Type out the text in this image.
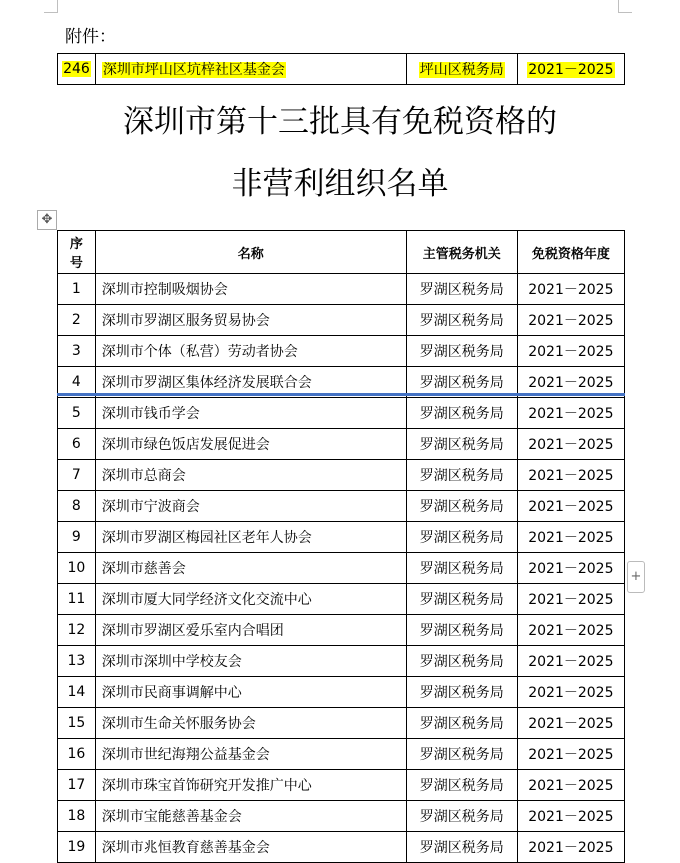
附件：
246	深圳市坪山区坑梓社区基金会	坪山区税务局	2021－2025
深圳市第十三批具有免税资格的
非营利组织名单
✥
序
号	名称	主管税务机关	免税资格年度
1	深圳市控制吸烟协会	罗湖区税务局	2021－2025
2	深圳市罗湖区服务贸易协会	罗湖区税务局	2021－2025
3	深圳市个体（私营）劳动者协会	罗湖区税务局	2021－2025
4	深圳市罗湖区集体经济发展联合会	罗湖区税务局	2021－2025
5	深圳市钱币学会	罗湖区税务局	2021－2025
6	深圳市绿色饭店发展促进会	罗湖区税务局	2021－2025
7	深圳市总商会	罗湖区税务局	2021－2025
8	深圳市宁波商会	罗湖区税务局	2021－2025
9	深圳市罗湖区梅园社区老年人协会	罗湖区税务局	2021－2025
10	深圳市慈善会	罗湖区税务局	2021－2025
11	深圳市厦大同学经济文化交流中心	罗湖区税务局	2021－2025
12	深圳市罗湖区爱乐室内合唱团	罗湖区税务局	2021－2025
13	深圳市深圳中学校友会	罗湖区税务局	2021－2025
14	深圳市民商事调解中心	罗湖区税务局	2021－2025
15	深圳市生命关怀服务协会	罗湖区税务局	2021－2025
16	深圳市世纪海翔公益基金会	罗湖区税务局	2021－2025
17	深圳市珠宝首饰研究开发推广中心	罗湖区税务局	2021－2025
18	深圳市宝能慈善基金会	罗湖区税务局	2021－2025
19	深圳市兆恒教育慈善基金会	罗湖区税务局	2021－2025
+
